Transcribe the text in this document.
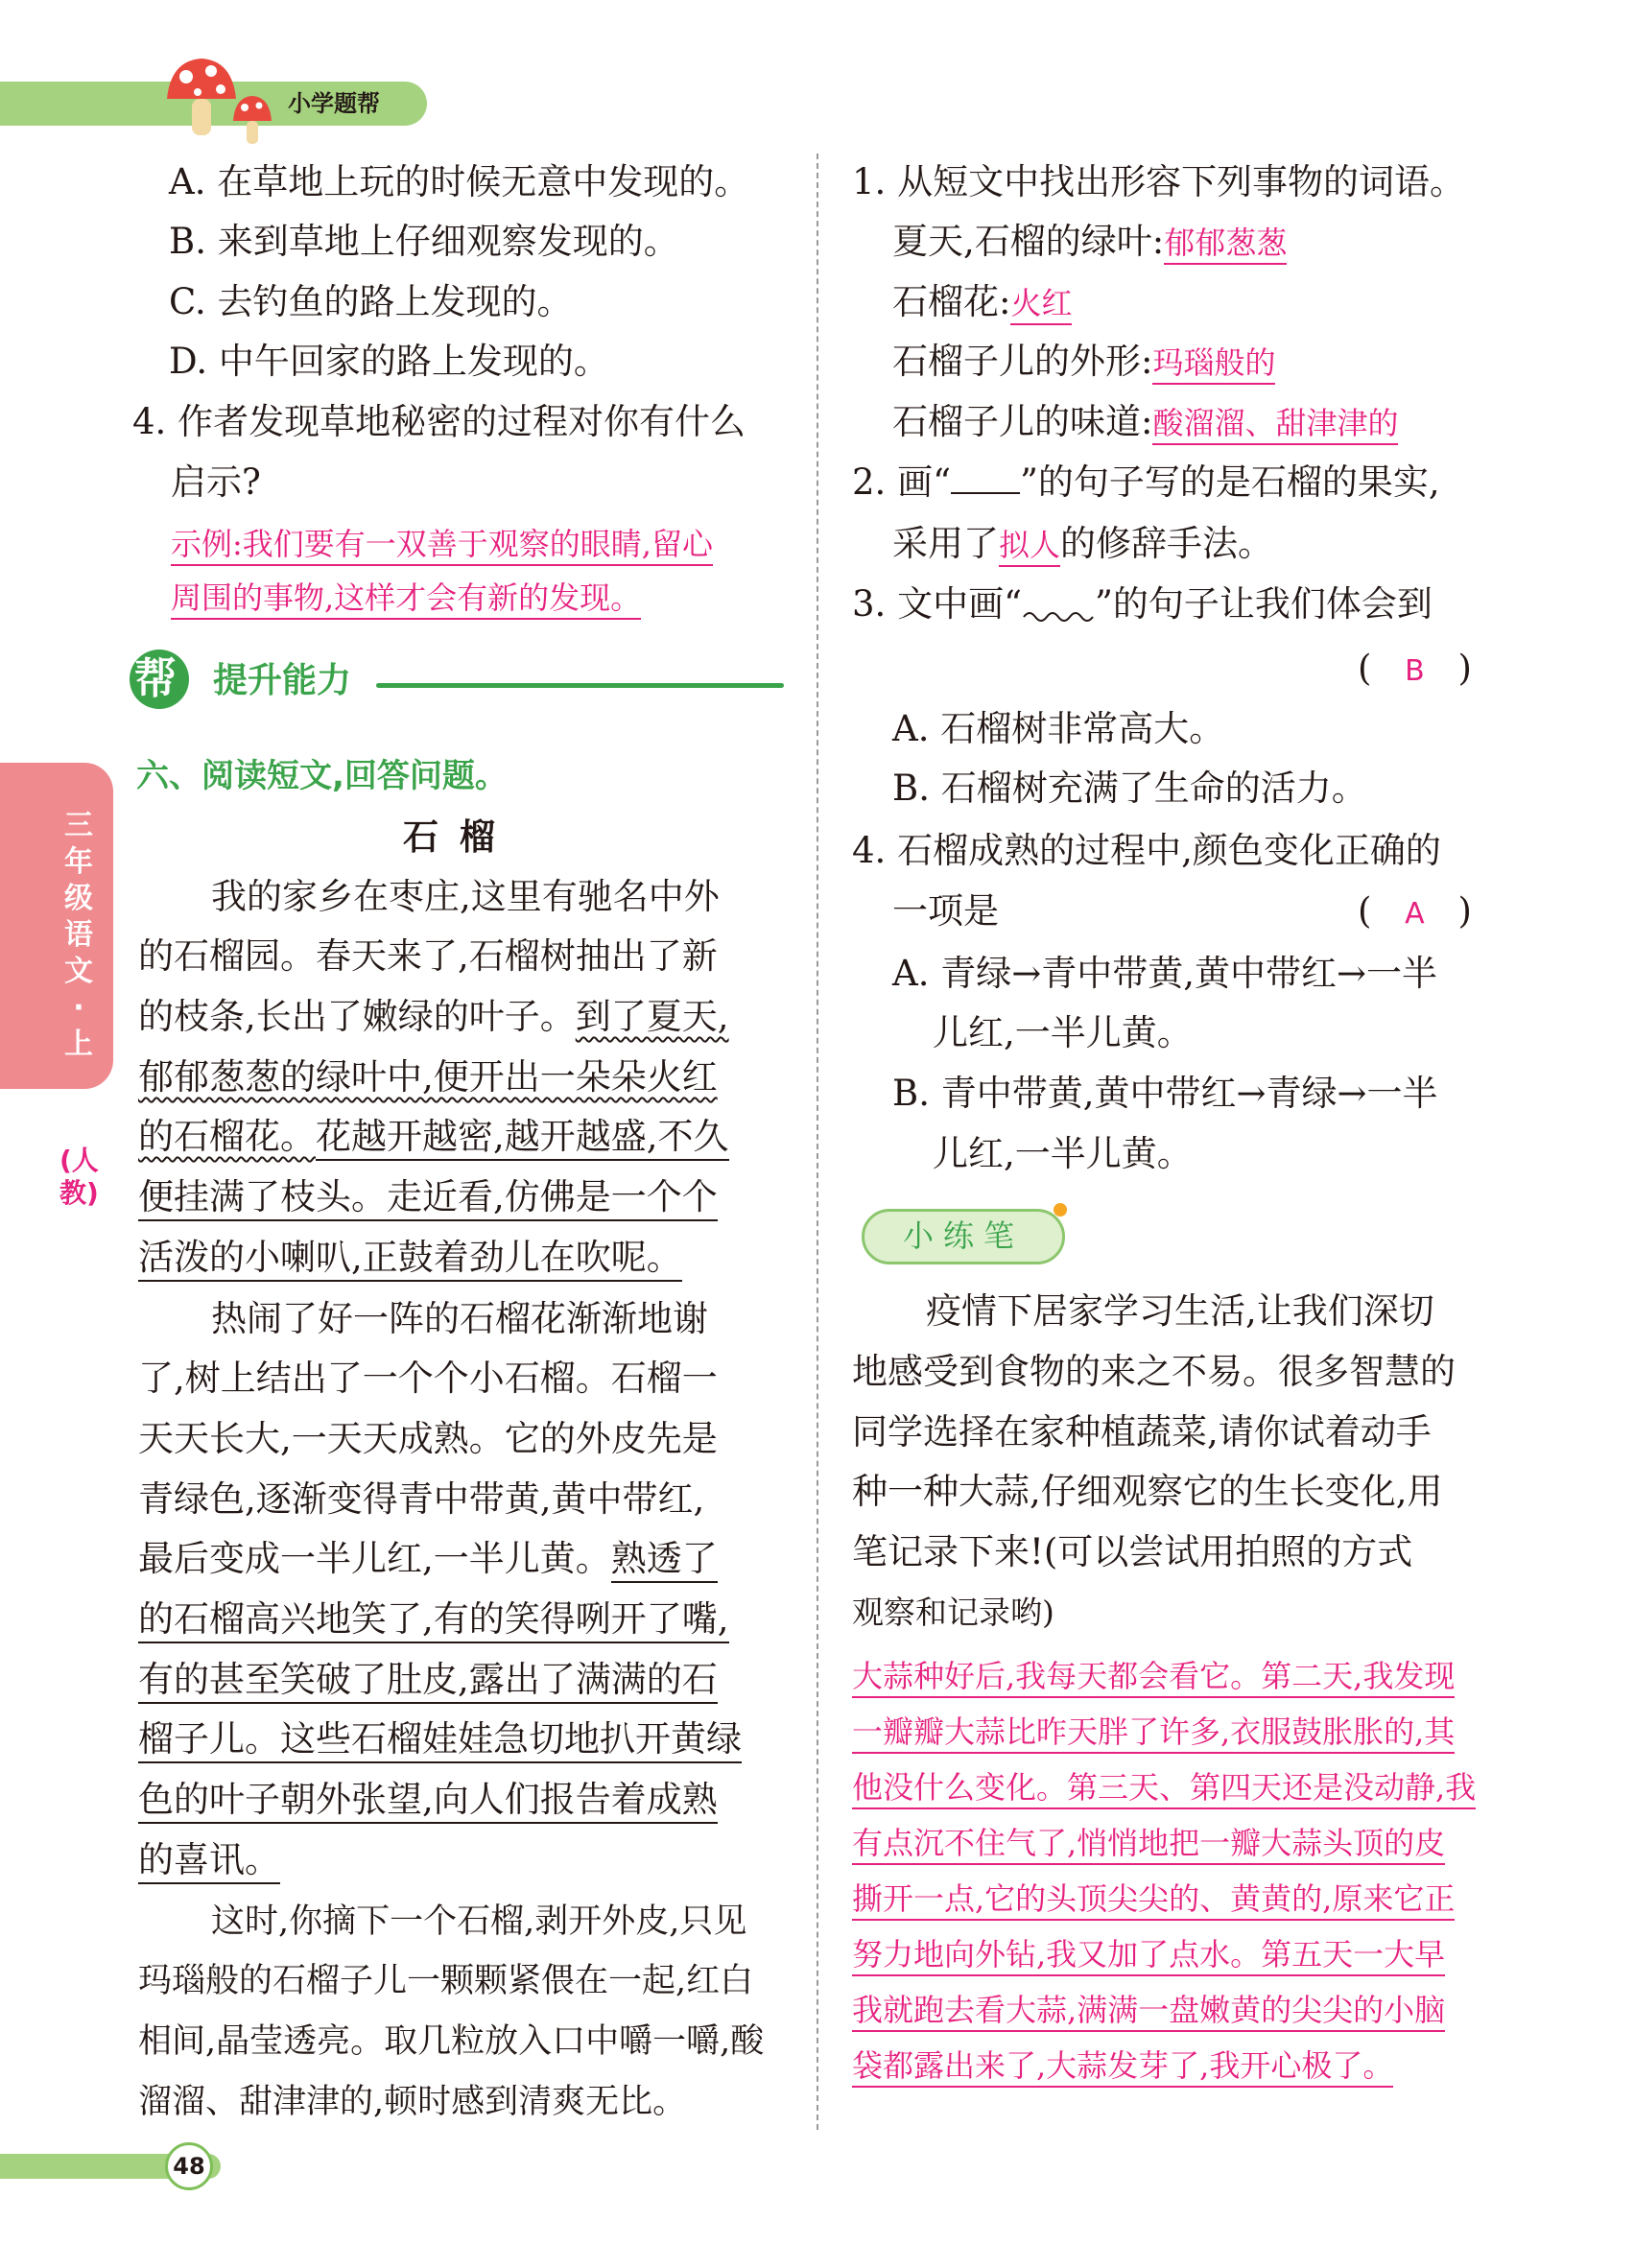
小学题帮
三年级语文·上
(人教)
A. 在草地上玩的时候无意中发现的。
B. 来到草地上仔细观察发现的。
C. 去钓鱼的路上发现的。
D. 中午回家的路上发现的。
4. 作者发现草地秘密的过程对你有什么
启示?
示例:我们要有一双善于观察的眼睛,留心
周围的事物,这样才会有新的发现。
帮 提升能力
六、阅读短文,回答问题。
石榴
我的家乡在枣庄,这里有驰名中外
的石榴园。春天来了,石榴树抽出了新
的枝条,长出了嫩绿的叶子。到了夏天,
郁郁葱葱的绿叶中,便开出一朵朵火红
的石榴花。花越开越密,越开越盛,不久
便挂满了枝头。走近看,仿佛是一个个
活泼的小喇叭,正鼓着劲儿在吹呢。
热闹了好一阵的石榴花渐渐地谢
了,树上结出了一个个小石榴。石榴一
天天长大,一天天成熟。它的外皮先是
青绿色,逐渐变得青中带黄,黄中带红,
最后变成一半儿红,一半儿黄。熟透了
的石榴高兴地笑了,有的笑得咧开了嘴,
有的甚至笑破了肚皮,露出了满满的石
榴子儿。这些石榴娃娃急切地扒开黄绿
色的叶子朝外张望,向人们报告着成熟
的喜讯。
这时,你摘下一个石榴,剥开外皮,只见
玛瑙般的石榴子儿一颗颗紧偎在一起,红白
相间,晶莹透亮。取几粒放入口中嚼一嚼,酸
溜溜、甜津津的,顿时感到清爽无比。
1. 从短文中找出形容下列事物的词语。
夏天,石榴的绿叶:郁郁葱葱
石榴花:火红
石榴子儿的外形:玛瑙般的
石榴子儿的味道:酸溜溜、甜津津的
2. 画“ ”的句子写的是石榴的果实,
采用了拟人的修辞手法。
3. 文中画“ ”的句子让我们体会到
( B )
A. 石榴树非常高大。
B. 石榴树充满了生命的活力。
4. 石榴成熟的过程中,颜色变化正确的
一项是	( A )
A. 青绿→青中带黄,黄中带红→一半
儿红,一半儿黄。
B. 青中带黄,黄中带红→青绿→一半
儿红,一半儿黄。
小练笔
疫情下居家学习生活,让我们深切
地感受到食物的来之不易。很多智慧的
同学选择在家种植蔬菜,请你试着动手
种一种大蒜,仔细观察它的生长变化,用
笔记录下来!(可以尝试用拍照的方式
观察和记录哟)
大蒜种好后,我每天都会看它。第二天,我发现
一瓣瓣大蒜比昨天胖了许多,衣服鼓胀胀的,其
他没什么变化。第三天、第四天还是没动静,我
有点沉不住气了,悄悄地把一瓣大蒜头顶的皮
撕开一点,它的头顶尖尖的、黄黄的,原来它正
努力地向外钻,我又加了点水。第五天一大早
我就跑去看大蒜,满满一盘嫩黄的尖尖的小脑
袋都露出来了,大蒜发芽了,我开心极了。
48
